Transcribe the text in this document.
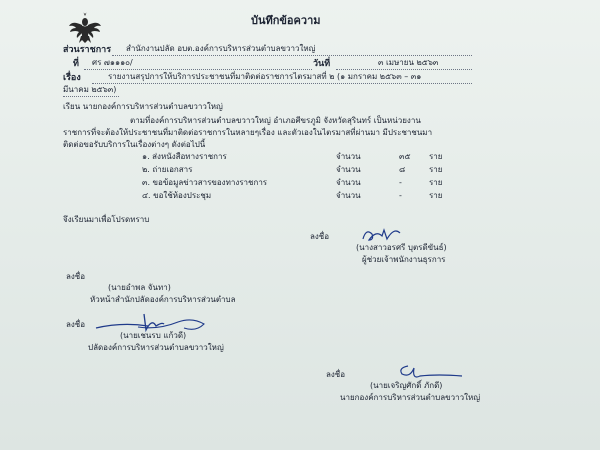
บันทึกข้อความ
ส่วนราชการ สำนักงานปลัด อบต.องค์การบริหารส่วนตำบลขวาวใหญ่
ที่ ศร ๗๑๑๑๐/	วันที่	๓ เมษายน ๒๕๖๓
เรื่อง	รายงานสรุปการให้บริการประชาชนที่มาติดต่อราชการไตรมาสที่ ๒ (๑ มกราคม ๒๕๖๓ – ๓๑
มีนาคม ๒๕๖๓)
เรียน นายกองค์การบริหารส่วนตำบลขวาวใหญ่
ตามที่องค์การบริหารส่วนตำบลขวาวใหญ่ อำเภอศีขรภูมิ จังหวัดสุรินทร์ เป็นหน่วยงาน
ราชการที่จะต้องให้ประชาชนที่มาติดต่อราชการในหลายๆเรื่อง และตัวเองในไตรมาสที่ผ่านมา มีประชาชนมา
ติดต่อขอรับบริการในเรื่องต่างๆ ดังต่อไปนี้
๑. ส่งหนังสือทางราชการ	จำนวน	๓๕ ราย
๒. ถ่ายเอกสาร	จำนวน	๘	ราย
๓. ขอข้อมูลข่าวสารของทางราชการ	จำนวน	-	ราย
๔. ขอใช้ห้องประชุม	จำนวน	-	ราย
จึงเรียนมาเพื่อโปรดทราบ
ลงชื่อ
(นางสาวอรศรี บุตรดีขันธ์)
ผู้ช่วยเจ้าพนักงานธุรการ
ลงชื่อ
(นายอำพล จันทา)
หัวหน้าสำนักปลัดองค์การบริหารส่วนตำบล
ลงชื่อ
(นายเชนรบ แก้วดี)
ปลัดองค์การบริหารส่วนตำบลขวาวใหญ่
ลงชื่อ
(นายเจริญศักดิ์ ภักดี)
นายกองค์การบริหารส่วนตำบลขวาวใหญ่
